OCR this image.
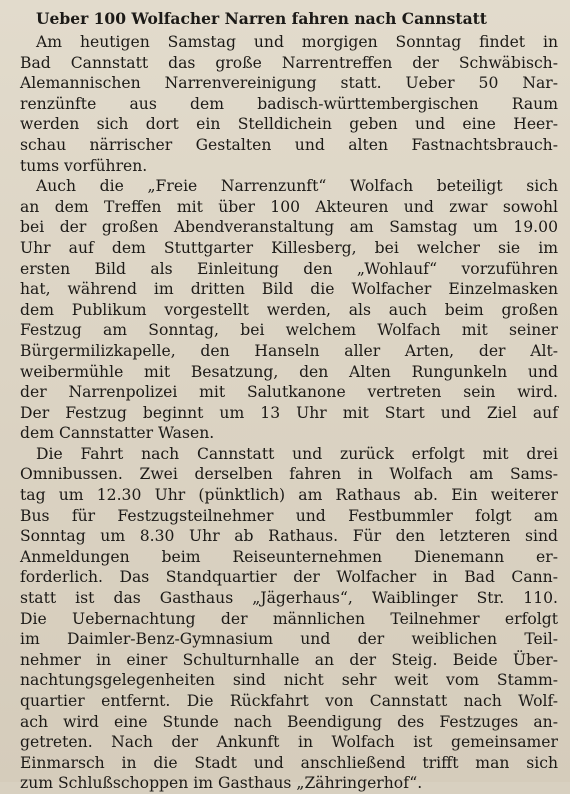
Ueber 100 Wolfacher Narren fahren nach Cannstatt
Am heutigen Samstag und morgigen Sonntag findet in
Bad Cannstatt das große Narrentreffen der Schwäbisch-
Alemannischen Narrenvereinigung statt. Ueber 50 Nar-
renzünfte aus dem badisch-württembergischen Raum
werden sich dort ein Stelldichein geben und eine Heer-
schau närrischer Gestalten und alten Fastnachtsbrauch-
tums vorführen.
Auch die „Freie Narrenzunft“ Wolfach beteiligt sich
an dem Treffen mit über 100 Akteuren und zwar sowohl
bei der großen Abendveranstaltung am Samstag um 19.00
Uhr auf dem Stuttgarter Killesberg, bei welcher sie im
ersten Bild als Einleitung den „Wohlauf“ vorzuführen
hat, während im dritten Bild die Wolfacher Einzelmasken
dem Publikum vorgestellt werden, als auch beim großen
Festzug am Sonntag, bei welchem Wolfach mit seiner
Bürgermilizkapelle, den Hanseln aller Arten, der Alt-
weibermühle mit Besatzung, den Alten Rungunkeln und
der Narrenpolizei mit Salutkanone vertreten sein wird.
Der Festzug beginnt um 13 Uhr mit Start und Ziel auf
dem Cannstatter Wasen.
Die Fahrt nach Cannstatt und zurück erfolgt mit drei
Omnibussen. Zwei derselben fahren in Wolfach am Sams-
tag um 12.30 Uhr (pünktlich) am Rathaus ab. Ein weiterer
Bus für Festzugsteilnehmer und Festbummler folgt am
Sonntag um 8.30 Uhr ab Rathaus. Für den letzteren sind
Anmeldungen beim Reiseunternehmen Dienemann er-
forderlich. Das Standquartier der Wolfacher in Bad Cann-
statt ist das Gasthaus „Jägerhaus“, Waiblinger Str. 110.
Die Uebernachtung der männlichen Teilnehmer erfolgt
im Daimler-Benz-Gymnasium und der weiblichen Teil-
nehmer in einer Schulturnhalle an der Steig. Beide Über-
nachtungsgelegenheiten sind nicht sehr weit vom Stamm-
quartier entfernt. Die Rückfahrt von Cannstatt nach Wolf-
ach wird eine Stunde nach Beendigung des Festzuges an-
getreten. Nach der Ankunft in Wolfach ist gemeinsamer
Einmarsch in die Stadt und anschließend trifft man sich
zum Schlußschoppen im Gasthaus „Zähringerhof“.
